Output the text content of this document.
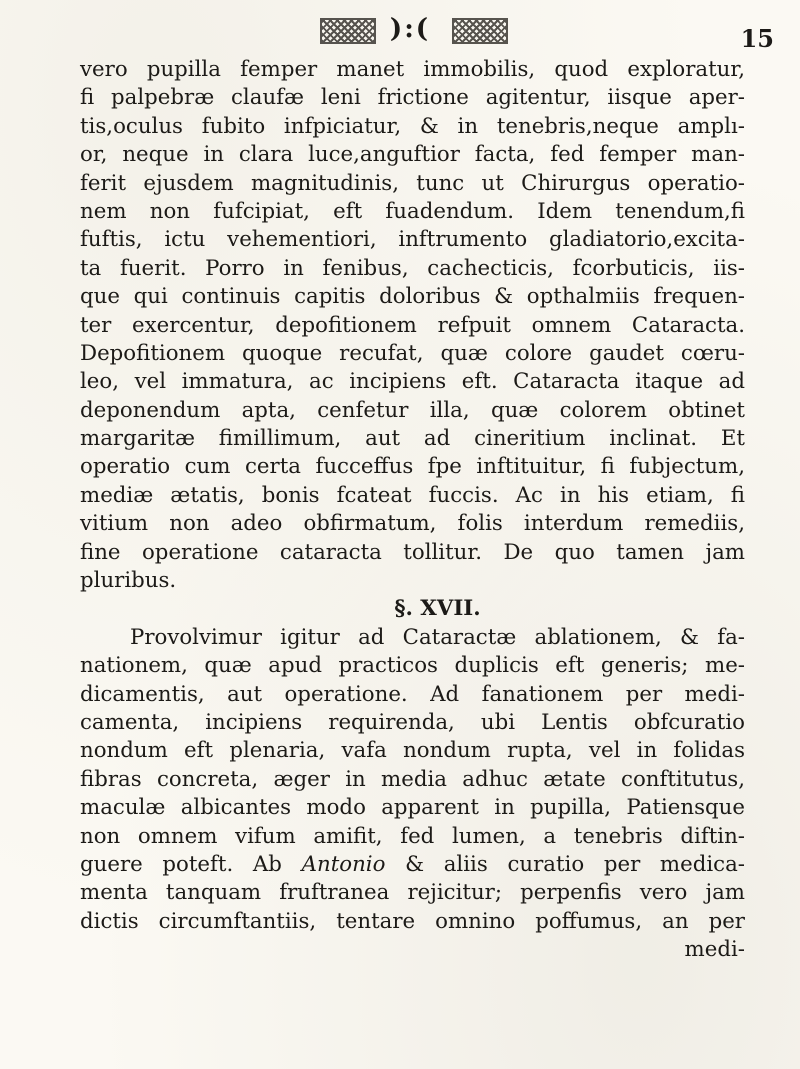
):(	15
vero pupilla femper manet immobilis, quod exploratur,
fi palpebræ claufæ leni frictione agitentur, iisque aper-
tis,oculus fubito infpiciatur, & in tenebris,neque amplı-
or, neque in clara luce,anguftior facta, fed femper man-
ferit ejusdem magnitudinis, tunc ut Chirurgus operatio-
nem non fufcipiat, eft fuadendum. Idem tenendum,fi
fuftis, ictu vehementiori, inftrumento gladiatorio,excita-
ta fuerit. Porro in fenibus, cachecticis, fcorbuticis, iis-
que qui continuis capitis doloribus & opthalmiis frequen-
ter exercentur, depofitionem refpuit omnem Cataracta.
Depofitionem quoque recufat, quæ colore gaudet cœru-
leo, vel immatura, ac incipiens eft. Cataracta itaque ad
deponendum apta, cenfetur illa, quæ colorem obtinet
margaritæ fimillimum, aut ad cineritium inclinat. Et
operatio cum certa fucceffus fpe inftituitur, fi fubjectum,
mediæ ætatis, bonis fcateat fuccis. Ac in his etiam, fi
vitium non adeo obfirmatum, folis interdum remediis,
fine operatione cataracta tollitur. De quo tamen jam
pluribus.
§. XVII.
Provolvimur igitur ad Cataractæ ablationem, & fa-
nationem, quæ apud practicos duplicis eft generis; me-
dicamentis, aut operatione. Ad fanationem per medi-
camenta, incipiens requirenda, ubi Lentis obfcuratio
nondum eft plenaria, vafa nondum rupta, vel in folidas
fibras concreta, æger in media adhuc ætate conftitutus,
maculæ albicantes modo apparent in pupilla, Patiensque
non omnem vifum amifit, fed lumen, a tenebris diftin-
guere poteft. Ab Antonio & aliis curatio per medica-
menta tanquam fruftranea rejicitur; perpenfis vero jam
dictis circumftantiis, tentare omnino poffumus, an per
medi-
